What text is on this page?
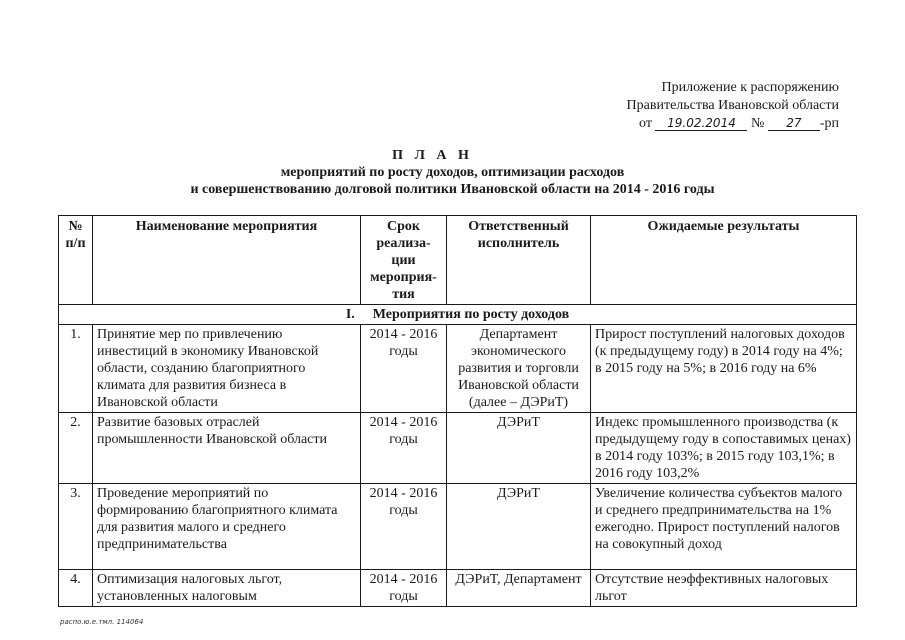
Приложение к распоряжению
Правительства Ивановской области
от 19.02.2014 № 27 -рп
П Л А Н
мероприятий по росту доходов, оптимизации расходов
и совершенствованию долговой политики Ивановской области на 2014 - 2016 годы
№ п/п	Наименование мероприятия	Срок реализа-ции мероприя-тия	Ответственный исполнитель	Ожидаемые результаты
I. Мероприятия по росту доходов				
1.	Принятие мер по привлечению инвестиций в экономику Ивановской области, созданию благоприятного климата для развития бизнеса в Ивановской области	2014 - 2016 годы	Департамент экономического развития и торговли Ивановской области (далее – ДЭРиТ)	Прирост поступлений налоговых доходов (к предыдущему году) в 2014 году на 4%; в 2015 году на 5%; в 2016 году на 6%
2.	Развитие базовых отраслей промышленности Ивановской области	2014 - 2016 годы	ДЭРиТ	Индекс промышленного производства (к предыдущему году в сопоставимых ценах) в 2014 году 103%; в 2015 году 103,1%; в 2016 году 103,2%
3.	Проведение мероприятий по формированию благоприятного климата для развития малого и среднего предпринимательства	2014 - 2016 годы	ДЭРиТ	Увеличение количества субъектов малого и среднего предпринимательства на 1% ежегодно. Прирост поступлений налогов на совокупный доход
4.	Оптимизация налоговых льгот, установленных налоговым	2014 - 2016 годы	ДЭРиТ, Департамент	Отсутствие неэффективных налоговых льгот
распо.ю.е.тмл. 114064
